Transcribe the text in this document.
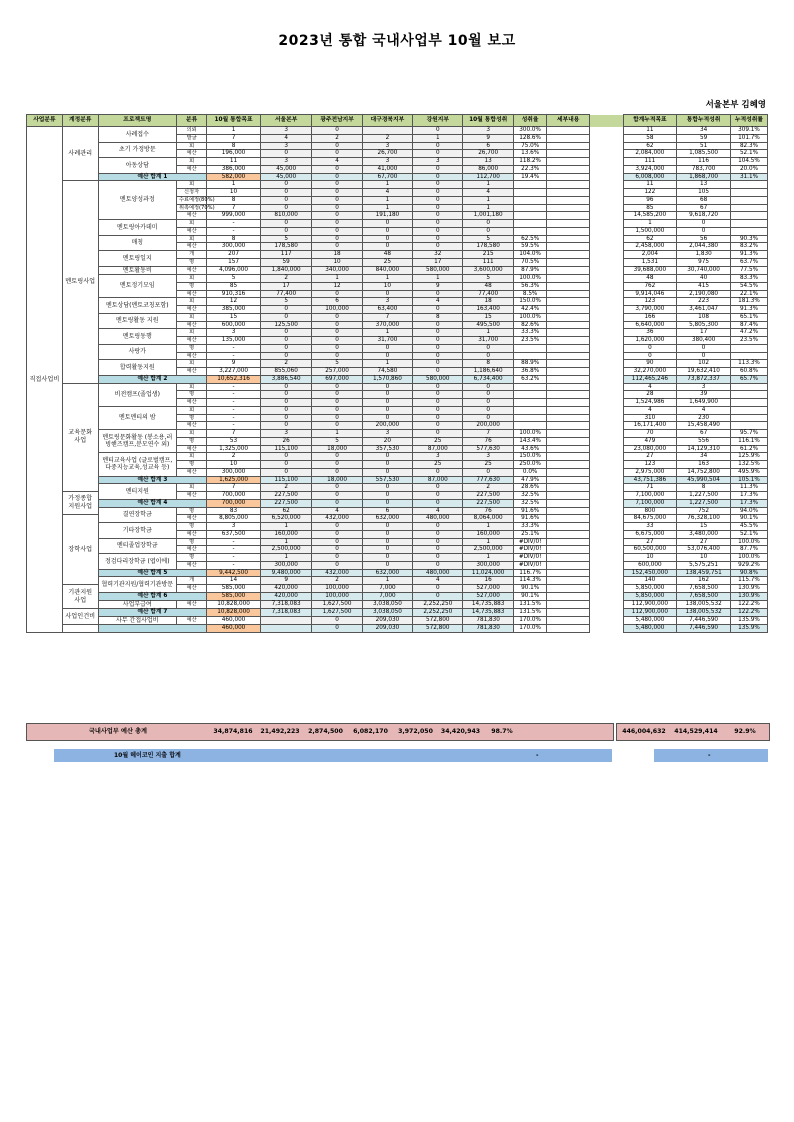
2023년 통합 국내사업부 10월 보고
서울본부 김혜영
사업분류	계정분류	프로젝트명	분류	10월 통합목표	서울본부	광주전남지부	대구경북지부	강원지부	10월 통합성취	성취율	세부내용		합계누적목표	통합누적성취	누적성취률
직접사업비	사례관리	사례접수	의뢰	1	3	0		0	3	300.0%			11	34	309.1%
			발굴	7	4	2	2	1	9	128.6%			58	59	101.7%
		초기 가정방문	회	8	3	0	3	0	6	75.0%			62	51	82.3%
			예산	196,000	0	0	26,700	0	26,700	13.6%			2,084,000	1,085,500	52.1%
		아동상담	회	11	3	4	3	3	13	118.2%			111	116	104.5%
			예산	386,000	45,000	0	41,000	0	86,000	22.3%			3,924,000	783,700	20.0%
		예산 합계 1		582,000	45,000	0	67,700	0	112,700	19.4%			6,008,000	1,868,700	31.1%
	멘토링사업	멘토양성과정	회	1	0	0	1	0	1				11	13	
			신청자	10	0	0	4	0	4				122	105	
			수료예정(80%)	8	0	0	1	0	1				96	68	
			위촉예정(70%)	7	0	0	1	0	1				85	67	
			예산	999,000	810,000	0	191,180	0	1,001,180				14,585,200	9,618,720	
		멘토링아카데미	회	-	0	0	0	0	0				1	0	
			예산	-	0	0	0	0	0				1,500,000	0	
		매칭	회	8	5	0	0	0	5	62.5%			62	56	90.3%
			예산	300,000	178,580	0	0	0	178,580	59.5%			2,458,000	2,044,380	83.2%
		멘토링일지	개	207	117	18	48	32	215	104.0%			2,004	1,830	91.3%
			명	157	59	10	25	17	111	70.5%			1,531	975	63.7%
		멘토활동비	예산	4,096,000	1,840,000	340,000	840,000	580,000	3,600,000	87.9%			39,688,000	30,740,000	77.5%
		멘토정기모임	회	5	2	1	1	1	5	100.0%			48	40	83.3%
			명	85	17	12	10	9	48	56.3%			762	415	54.5%
			예산	910,316	77,400	0	0	0	77,400	8.5%			9,914,046	2,190,080	22.1%
		멘토상담(멘토코칭포함)	회	12	5	6	3	4	18	150.0%			123	223	181.3%
			예산	385,000	0	100,000	63,400	0	163,400	42.4%			3,790,000	3,461,047	91.3%
		멘토링활동 지원	회	15	0	0	7	8	15	100.0%			166	108	65.1%
			예산	600,000	125,500	0	370,000	0	495,500	82.6%			6,640,000	5,805,300	87.4%
		멘토링동행	회	3	0	0	1	0	1	33.3%			36	17	47.2%
			예산	135,000	0	0	31,700	0	31,700	23.5%			1,620,000	380,400	23.5%
		사랑가	명	-	0	0	0	0	0				0	0	
			예산	-	0	0	0	0	0				0	0	
		합력활동지원	회	9	2	5	1	0	8	88.9%			90	102	113.3%
			예산	3,227,000	855,060	257,000	74,580	0	1,186,640	36.8%			32,270,000	19,632,410	60.8%
		예산 합계 2		10,652,316	3,886,540	697,000	1,570,860	580,000	6,734,400	63.2%			112,465,246	73,872,337	65.7%
	교육문화 사업	비전캠프(졸업생)	회	-	0	0	0	0	0				4	3	
			명	-	0	0	0	0	0				28	39	
			예산	-	0	0	0	0	0				1,524,986	1,649,900	
		멘토멘티의 밤	회	-	0	0	0	0	0				4	4	
			명	-	0	0	0	0	0				310	230	
			예산	-	0	0	200,000	0	200,000				16,171,400	15,458,490	
		멘토링문화활동 (봉소용,러빙핸즈캠프,분모연수 외)	회	7	3	1	3	0	7	100.0%			70	67	95.7%
			명	53	26	5	20	25	76	143.4%			479	556	116.1%
			예산	1,325,000	115,100	18,000	357,530	87,000	577,630	43.6%			23,080,000	14,129,310	61.2%
		멘티교육사업 (글로벌캠프,다중지능교육,성교육 등)	회	2	0	0	0	3	3	150.0%			27	34	125.9%
			명	10	0	0	0	25	25	250.0%			123	163	132.5%
			예산	300,000	0	0	0	0	0	0.0%			2,975,000	14,752,800	495.9%
		예산 합계 3		1,625,000	115,100	18,000	557,530	87,000	777,630	47.9%			43,751,386	45,990,504	105.1%
		멘티지원	회	7	2	0	0	0	2	28.6%			71	8	11.3%
	가정종합 지원사업		예산	700,000	227,500	0	0	0	227,500	32.5%			7,100,000	1,227,500	17.3%
		예산 합계 4		700,000	227,500	0	0	0	227,500	32.5%			7,100,000	1,227,500	17.3%
		결연장학금	명	83	62	4	6	4	76	91.6%			800	752	94.0%
	장학사업		예산	8,805,000	6,520,000	432,000	632,000	480,000	8,064,000	91.6%			84,675,000	76,328,100	90.1%
		기타장학금	명	3	1	0	0	0	1	33.3%			33	15	45.5%
			예산	637,500	160,000	0	0	0	160,000	25.1%			6,675,000	3,480,000	52.1%
		멘티졸업장학금	명	-	1	0	0	0	1	#DIV/0!			27	27	100.0%
			예산	-	2,500,000	0	0	0	2,500,000	#DIV/0!			60,500,000	53,076,400	87.7%
		정검다리장학금 (엽이에)	명	-	1	0	0	0	1	#DIV/0!			10	10	100.0%
			예산	-	300,000	0	0	0	300,000	#DIV/0!			600,000	5,575,251	929.2%
		예산 합계 5		9,442,500	9,480,000	432,000	632,000	480,000	11,024,000	116.7%			152,450,000	138,459,751	90.8%
		협력기관지원/협력기관방문	개	14	9	2	1	4	16	114.3%			140	162	115.7%
	기관지원 사업		예산	585,000	420,000	100,000	7,000	0	527,000	90.1%			5,850,000	7,658,500	130.9%
		예산 합계 6		585,000	420,000	100,000	7,000	0	527,000	90.1%			5,850,000	7,658,500	130.9%
		사업부급여	예산	10,828,000	7,318,083	1,627,500	3,038,050	2,252,250	14,735,883	131.5%			112,900,000	138,005,532	122.2%
	사업인건비	예산 합계 7		10,828,000	7,318,083	1,627,500	3,038,050	2,252,250	14,735,883	131.5%			112,900,000	138,005,532	122.2%
		사무 간접사업비	예산	460,000		0	209,030	572,800	781,830	170.0%			5,480,000	7,446,590	135.9%
				460,000		0	209,030	572,800	781,830	170.0%			5,480,000	7,446,590	135.9%
국내사업부 예산 총계	34,874,816	21,492,223	2,874,500	6,082,170	3,972,050	34,420,943	98.7%	446,004,632	414,529,414	92.9%
10월 헤이코인 지출 합계	-	-
